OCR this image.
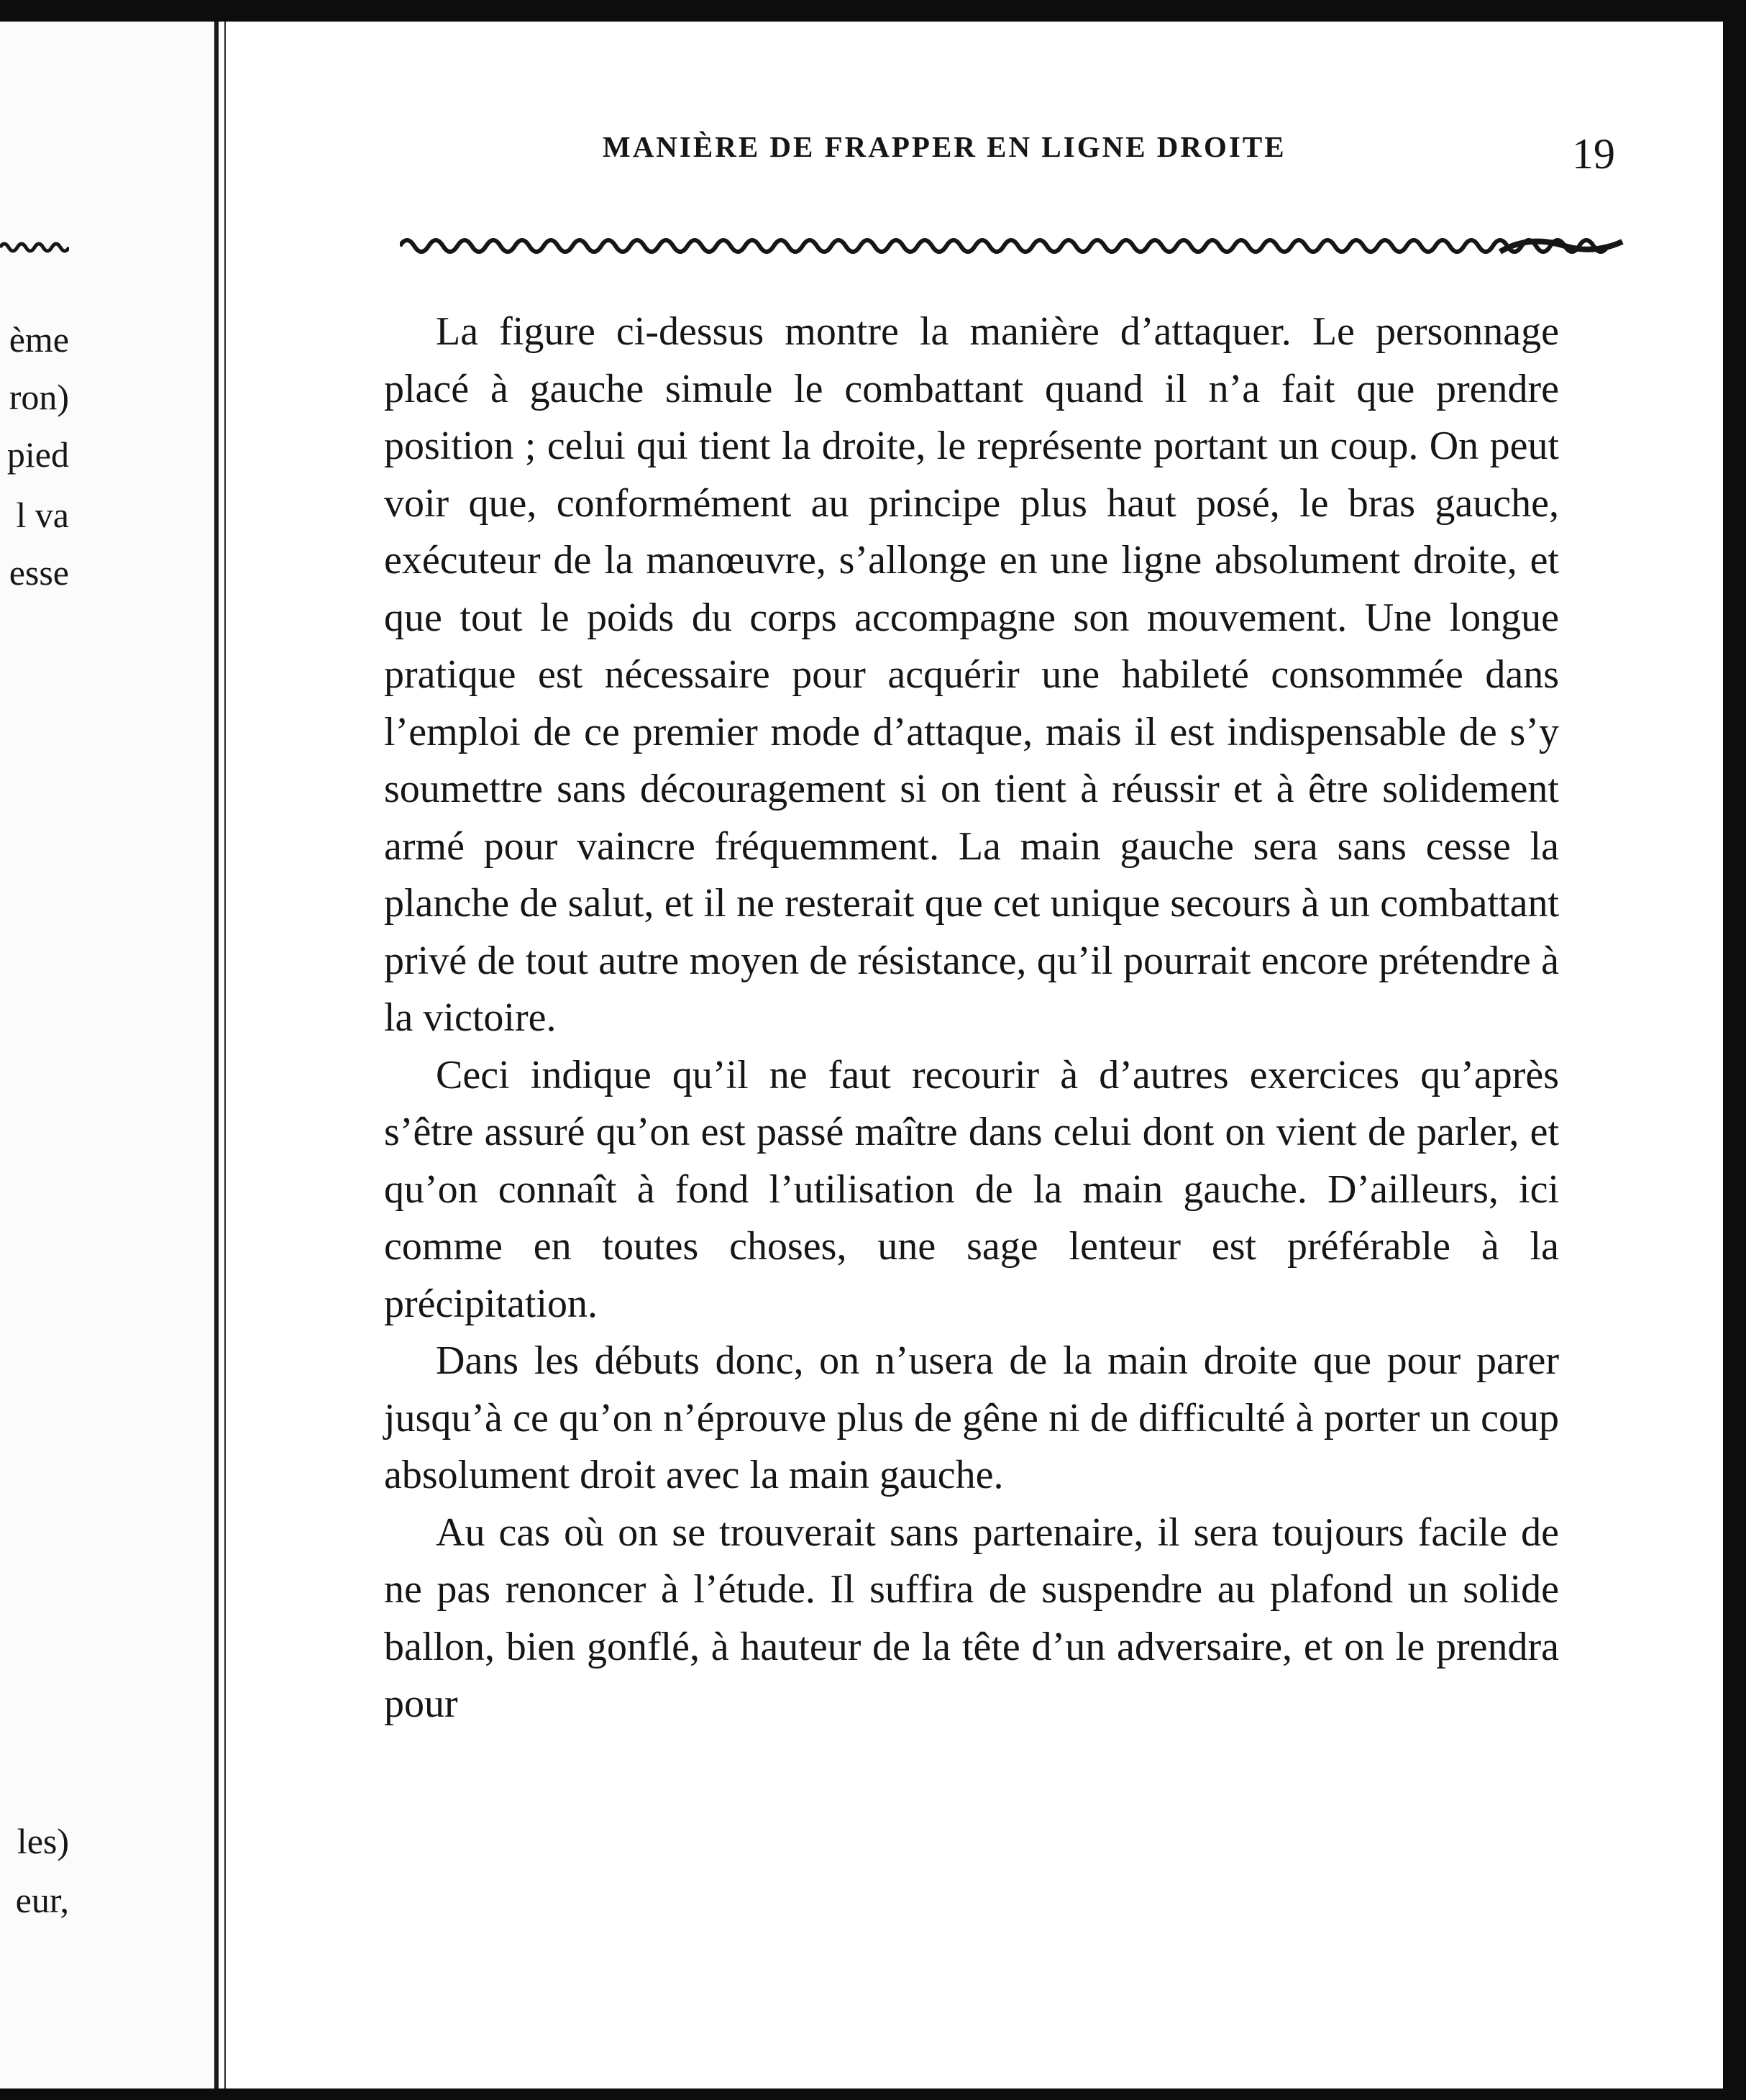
ème
ron)
pied
l va
esse
les)
eur,
MANIÈRE DE FRAPPER EN LIGNE DROITE	19

La figure ci-dessus montre la manière d’attaquer. Le personnage placé à gauche simule le combattant quand il n’a fait que prendre position ; celui qui tient la droite, le représente portant un coup. On peut voir que, conformément au principe plus haut posé, le bras gauche, exécuteur de la manœuvre, s’allonge en une ligne absolument droite, et que tout le poids du corps accompagne son mouvement. Une longue pratique est nécessaire pour acquérir une habileté consommée dans l’emploi de ce premier mode d’attaque, mais il est indispensable de s’y soumettre sans découragement si on tient à réussir et à être solidement armé pour vaincre fréquemment. La main gauche sera sans cesse la planche de salut, et il ne resterait que cet unique secours à un combattant privé de tout autre moyen de résistance, qu’il pourrait encore prétendre à la victoire.

Ceci indique qu’il ne faut recourir à d’autres exercices qu’après s’être assuré qu’on est passé maître dans celui dont on vient de parler, et qu’on connaît à fond l’utilisation de la main gauche. D’ailleurs, ici comme en toutes choses, une sage lenteur est préférable à la précipitation.

Dans les débuts donc, on n’usera de la main droite que pour parer jusqu’à ce qu’on n’éprouve plus de gêne ni de difficulté à porter un coup absolument droit avec la main gauche.

Au cas où on se trouverait sans partenaire, il sera toujours facile de ne pas renoncer à l’étude. Il suffira de suspendre au plafond un solide ballon, bien gonflé, à hauteur de la tête d’un adversaire, et on le prendra pour
